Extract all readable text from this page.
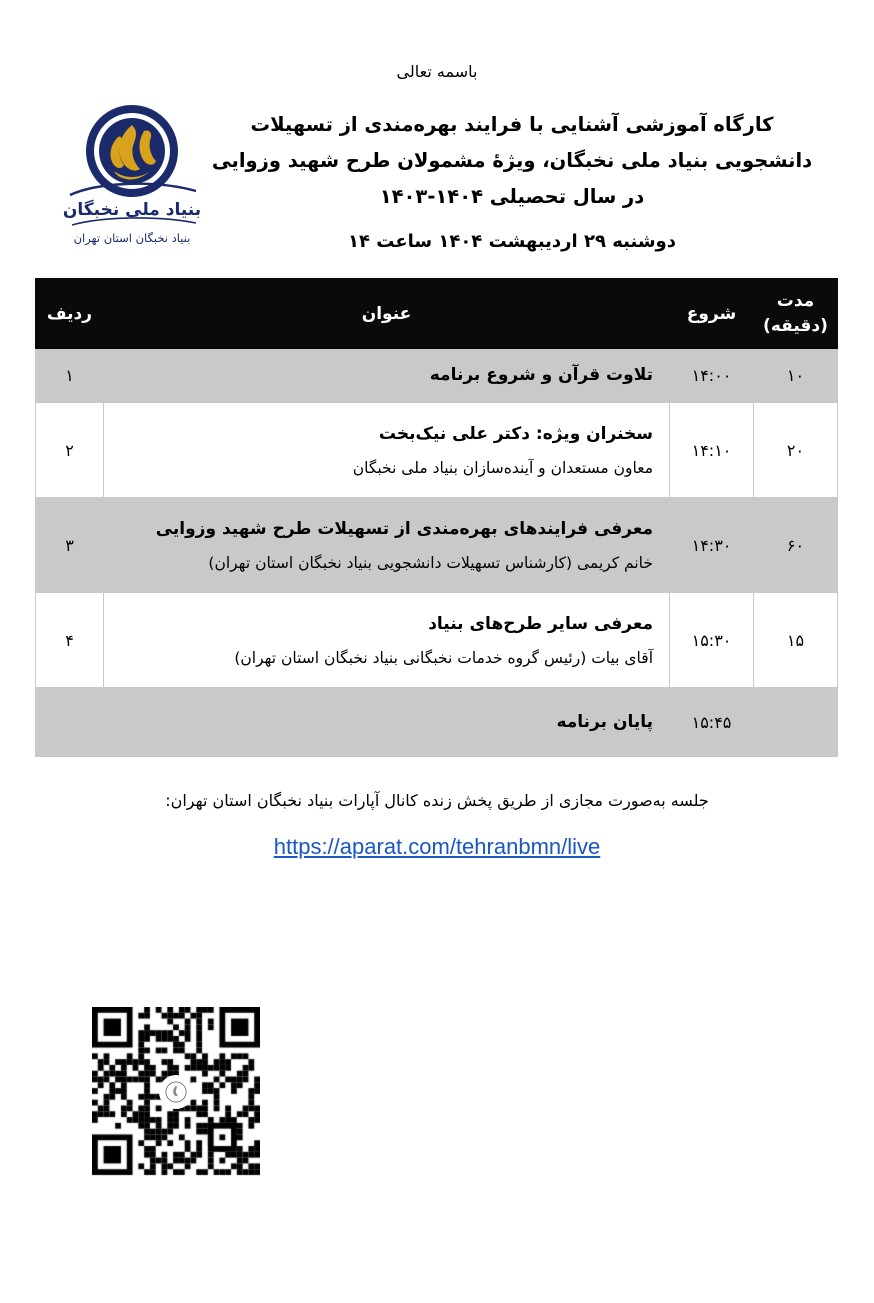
باسمه تعالی
بنیاد ملی نخبگان
بنیاد نخبگان استان تهران
کارگاه آموزشی آشنایی با فرایند بهره‌مندی از تسهیلات
دانشجویی بنیاد ملی نخبگان، ویژهٔ مشمولان طرح شهید وزوایی
در سال تحصیلی ۱۴۰۴-۱۴۰۳
دوشنبه ۲۹ اردیبهشت ۱۴۰۴ ساعت ۱۴
مدت (دقیقه)	شروع	عنوان	ردیف
۱۰	۱۴:۰۰	تلاوت قرآن و شروع برنامه	۱
۲۰	۱۴:۱۰	سخنران ویژه: دکتر علی نیک‌بخت
معاون مستعدان و آینده‌سازان بنیاد ملی نخبگان	۲
۶۰	۱۴:۳۰	معرفی فرایندهای بهره‌مندی از تسهیلات طرح شهید وزوایی
خانم کریمی (کارشناس تسهیلات دانشجویی بنیاد نخبگان استان تهران)	۳
۱۵	۱۵:۳۰	معرفی سایر طرح‌های بنیاد
آقای بیات (رئیس گروه خدمات نخبگانی بنیاد نخبگان استان تهران)	۴
	۱۵:۴۵	پایان برنامه	

جلسه به‌صورت مجازی از طریق پخش زنده کانال آپارات بنیاد نخبگان استان تهران:
https://aparat.com/tehranbmn/live
